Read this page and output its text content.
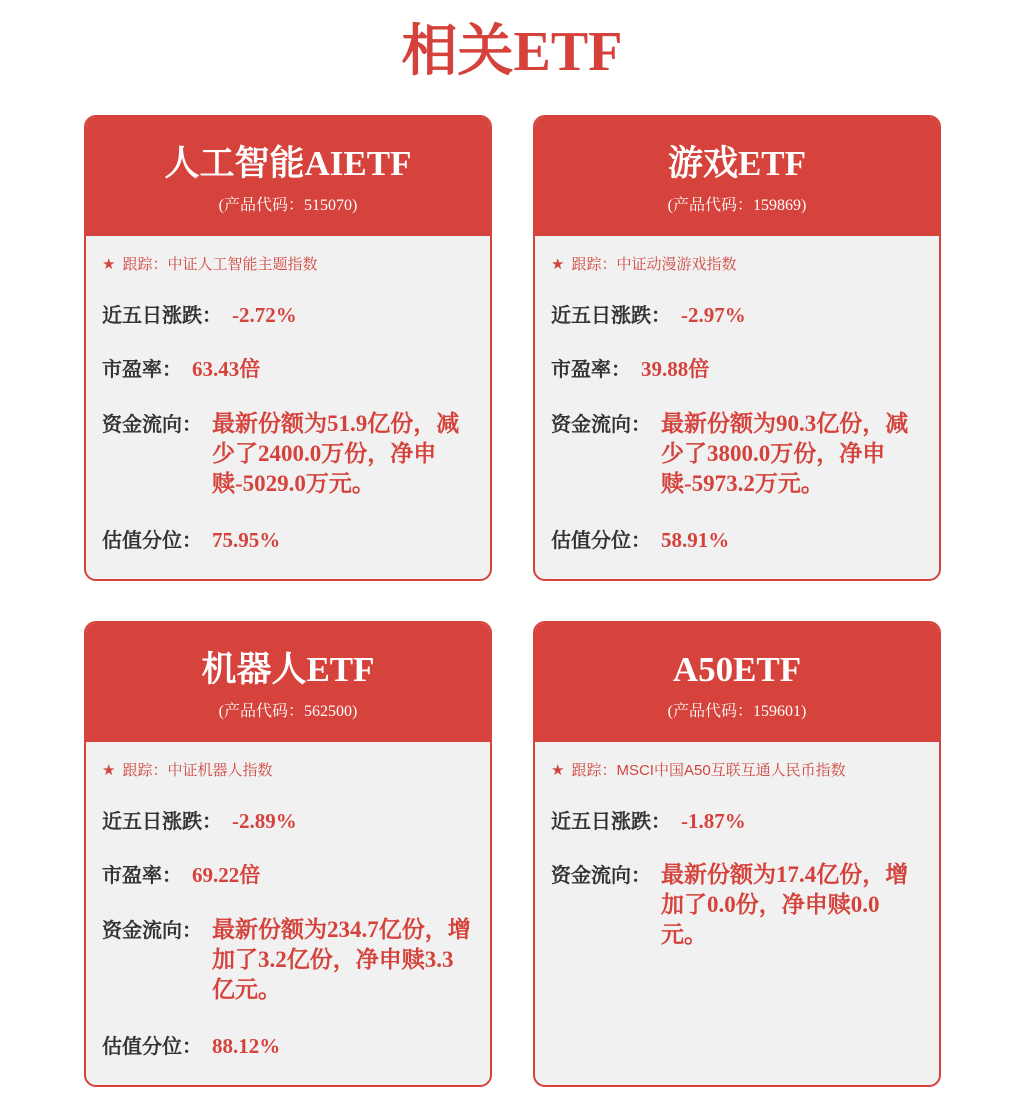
相关ETF
人工智能AIETF
(产品代码：515070)
★ 跟踪： 中证人工智能主题指数
近五日涨跌： -2.72%
市盈率： 63.43倍
资金流向： 最新份额为51.9亿份，减少了2400.0万份，净申赎-5029.0万元。
估值分位： 75.95%
游戏ETF
(产品代码：159869)
★ 跟踪： 中证动漫游戏指数
近五日涨跌： -2.97%
市盈率： 39.88倍
资金流向： 最新份额为90.3亿份，减少了3800.0万份，净申赎-5973.2万元。
估值分位： 58.91%
机器人ETF
(产品代码：562500)
★ 跟踪： 中证机器人指数
近五日涨跌： -2.89%
市盈率： 69.22倍
资金流向： 最新份额为234.7亿份，增加了3.2亿份，净申赎3.3亿元。
估值分位： 88.12%
A50ETF
(产品代码：159601)
★ 跟踪： MSCI中国A50互联互通人民币指数
近五日涨跌： -1.87%
资金流向： 最新份额为17.4亿份，增加了0.0份，净申赎0.0元。
